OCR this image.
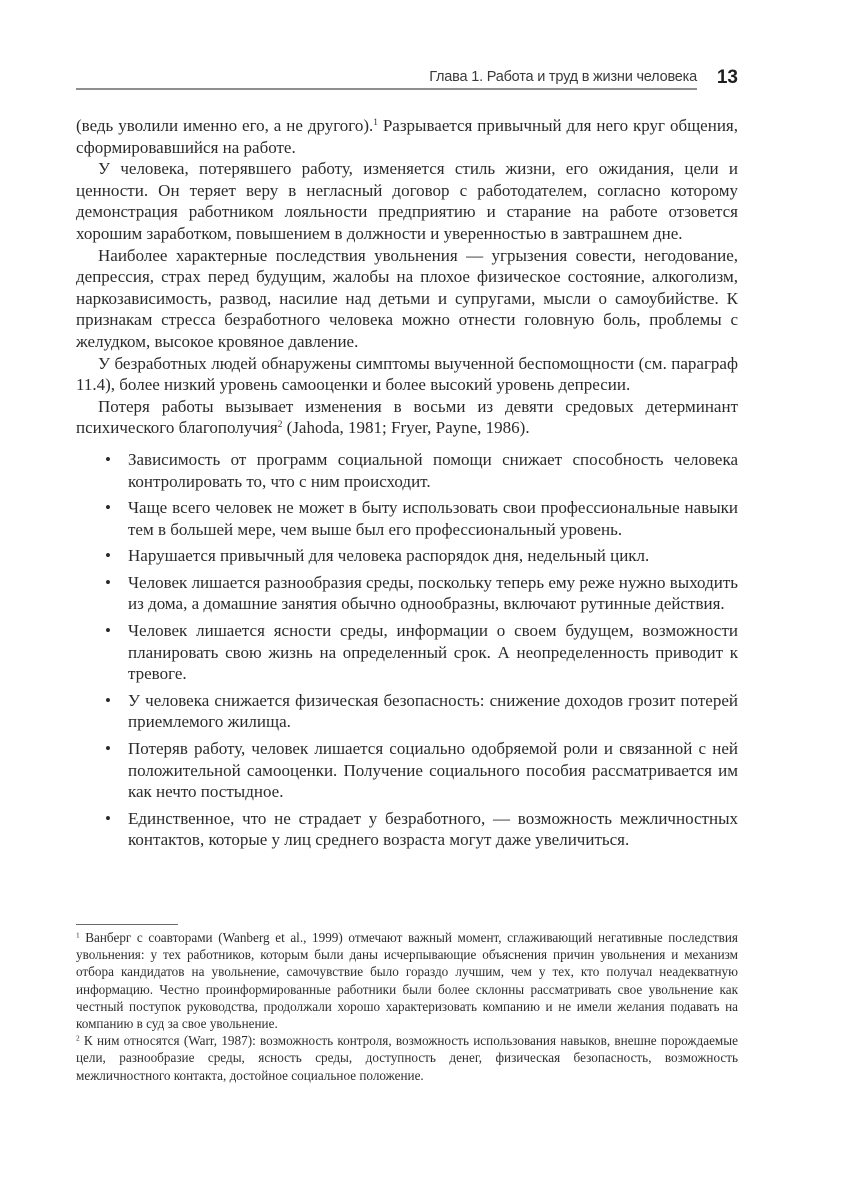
Глава 1. Работа и труд в жизни человека 13

(ведь уволили именно его, а не другого).$^1$ Разрывается привычный для него круг общения, сформировавшийся на работе.

У человека, потерявшего работу, изменяется стиль жизни, его ожидания, цели и ценности. Он теряет веру в негласный договор с работодателем, согласно которому демонстрация работником лояльности предприятию и старание на работе отзовется хорошим заработком, повышением в должности и уверенностью в завтрашнем дне.

Наиболее характерные последствия увольнения — угрызения совести, негодование, депрессия, страх перед будущим, жалобы на плохое физическое состояние, алкоголизм, наркозависимость, развод, насилие над детьми и супругами, мысли о самоубийстве. К признакам стресса безработного человека можно отнести головную боль, проблемы с желудком, высокое кровяное давление.

У безработных людей обнаружены симптомы выученной беспомощности (см. параграф 11.4), более низкий уровень самооценки и более высокий уровень депресии.

Потеря работы вызывает изменения в восьми из девяти средовых детерминант психического благополучия$^2$ (Jahoda, 1981; Fryer, Payne, 1986).

• Зависимость от программ социальной помощи снижает способность человека контролировать то, что с ним происходит.
• Чаще всего человек не может в быту использовать свои профессиональные навыки тем в большей мере, чем выше был его профессиональный уровень.
• Нарушается привычный для человека распорядок дня, недельный цикл.
• Человек лишается разнообразия среды, поскольку теперь ему реже нужно выходить из дома, а домашние занятия обычно однообразны, включают рутинные действия.
• Человек лишается ясности среды, информации о своем будущем, возможности планировать свою жизнь на определенный срок. А неопределенность приводит к тревоге.
• У человека снижается физическая безопасность: снижение доходов грозит потерей приемлемого жилища.
• Потеряв работу, человек лишается социально одобряемой роли и связанной с ней положительной самооценки. Получение социального пособия рассматривается им как нечто постыдное.
• Единственное, что не страдает у безработного, — возможность межличностных контактов, которые у лиц среднего возраста могут даже увеличиться.

$^1$ Ванберг с соавторами (Wanberg et al., 1999) отмечают важный момент, сглаживающий негативные последствия увольнения: у тех работников, которым были даны исчерпывающие объяснения причин увольнения и механизм отбора кандидатов на увольнение, самочувствие было гораздо лучшим, чем у тех, кто получал неадекватную информацию. Честно проинформированные работники были более склонны рассматривать свое увольнение как честный поступок руководства, продолжали хорошо характеризовать компанию и не имели желания подавать на компанию в суд за свое увольнение.

$^2$ К ним относятся (Warr, 1987): возможность контроля, возможность использования навыков, внешне порождаемые цели, разнообразие среды, ясность среды, доступность денег, физическая безопасность, возможность межличностного контакта, достойное социальное положение.
